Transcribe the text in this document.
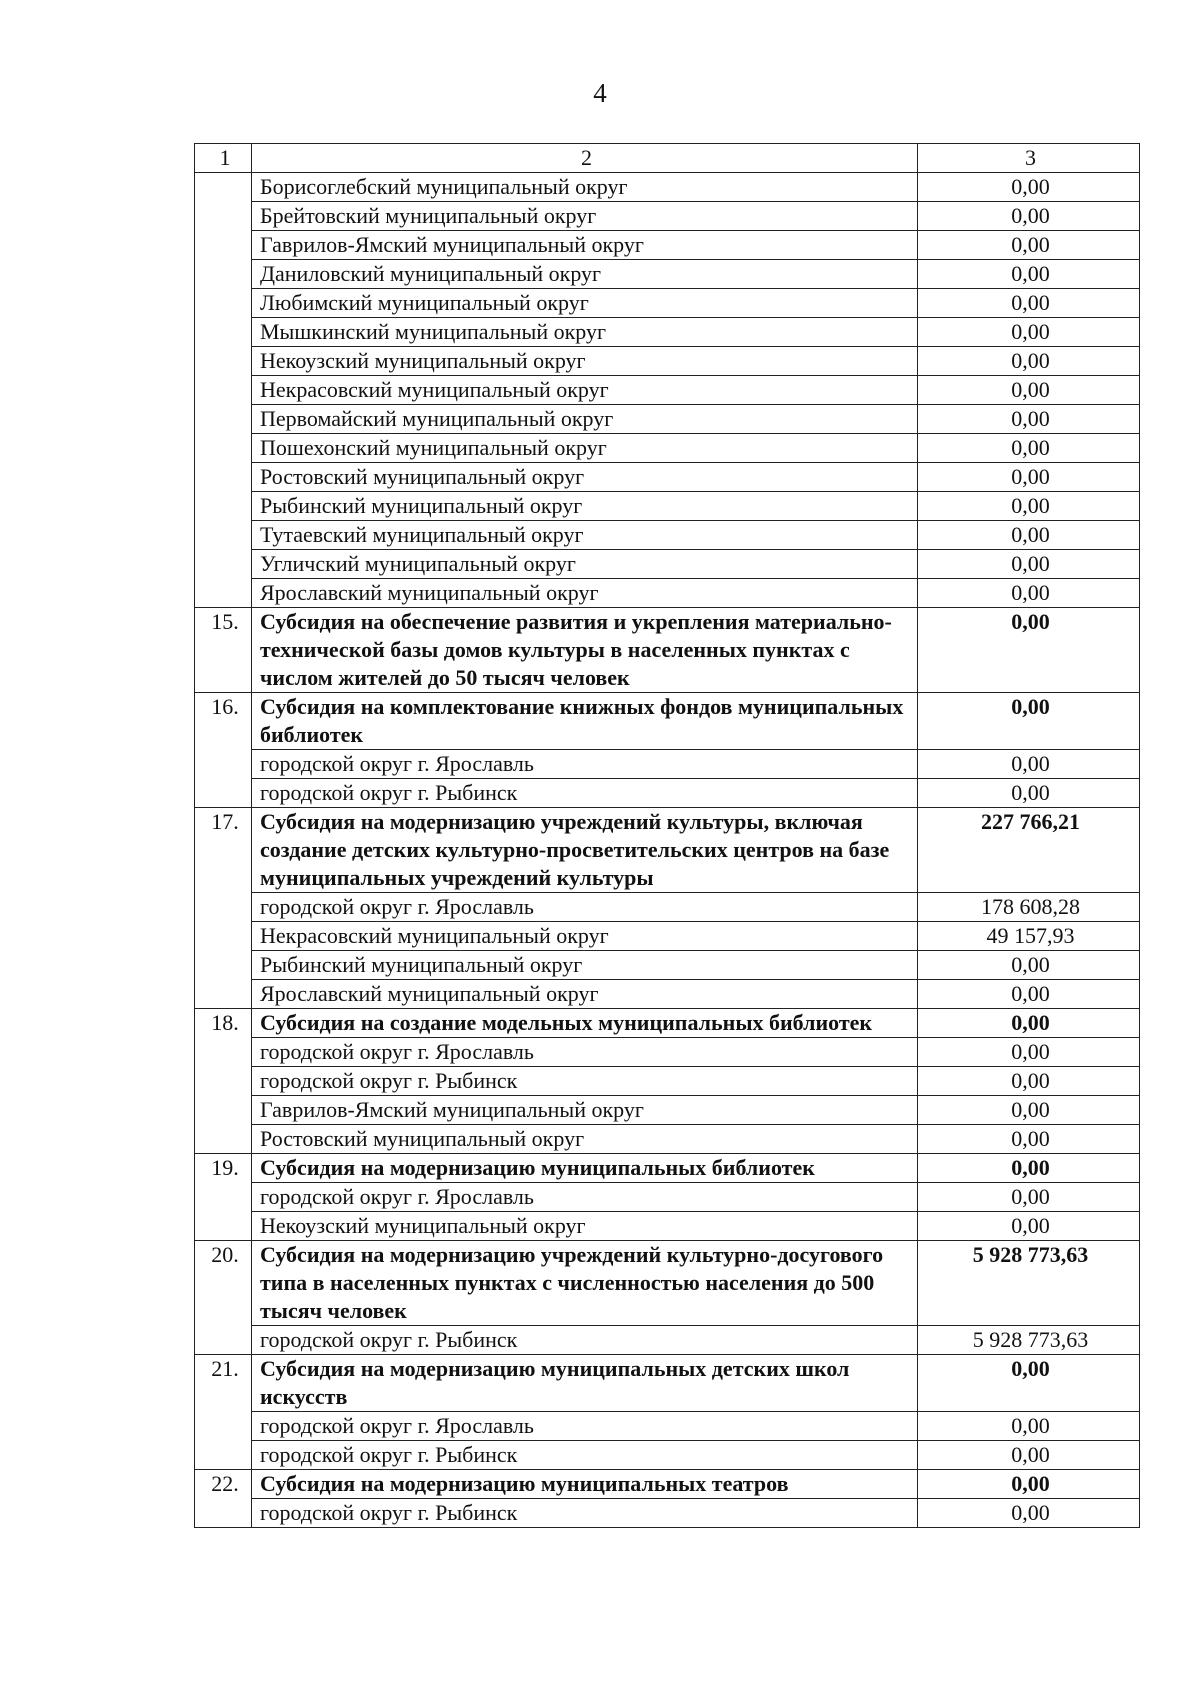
4
1	2	3
	Борисоглебский муниципальный округ	0,00
	Брейтовский муниципальный округ	0,00
	Гаврилов-Ямский муниципальный округ	0,00
	Даниловский муниципальный округ	0,00
	Любимский муниципальный округ	0,00
	Мышкинский муниципальный округ	0,00
	Некоузский муниципальный округ	0,00
	Некрасовский муниципальный округ	0,00
	Первомайский муниципальный округ	0,00
	Пошехонский муниципальный округ	0,00
	Ростовский муниципальный округ	0,00
	Рыбинский муниципальный округ	0,00
	Тутаевский муниципальный округ	0,00
	Угличский муниципальный округ	0,00
	Ярославский муниципальный округ	0,00
15.	Субсидия на обеспечение развития и укрепления материально-технической базы домов культуры в населенных пунктах с числом жителей до 50 тысяч человек	0,00
16.	Субсидия на комплектование книжных фондов муниципальных библиотек	0,00
	городской округ г. Ярославль	0,00
	городской округ г. Рыбинск	0,00
17.	Субсидия на модернизацию учреждений культуры, включая создание детских культурно-просветительских центров на базе муниципальных учреждений культуры	227 766,21
	городской округ г. Ярославль	178 608,28
	Некрасовский муниципальный округ	49 157,93
	Рыбинский муниципальный округ	0,00
	Ярославский муниципальный округ	0,00
18.	Субсидия на создание модельных муниципальных библиотек	0,00
	городской округ г. Ярославль	0,00
	городской округ г. Рыбинск	0,00
	Гаврилов-Ямский муниципальный округ	0,00
	Ростовский муниципальный округ	0,00
19.	Субсидия на модернизацию муниципальных библиотек	0,00
	городской округ г. Ярославль	0,00
	Некоузский муниципальный округ	0,00
20.	Субсидия на модернизацию учреждений культурно-досугового типа в населенных пунктах с численностью населения до 500 тысяч человек	5 928 773,63
	городской округ г. Рыбинск	5 928 773,63
21.	Субсидия на модернизацию муниципальных детских школ искусств	0,00
	городской округ г. Ярославль	0,00
	городской округ г. Рыбинск	0,00
22.	Субсидия на модернизацию муниципальных театров	0,00
	городской округ г. Рыбинск	0,00
